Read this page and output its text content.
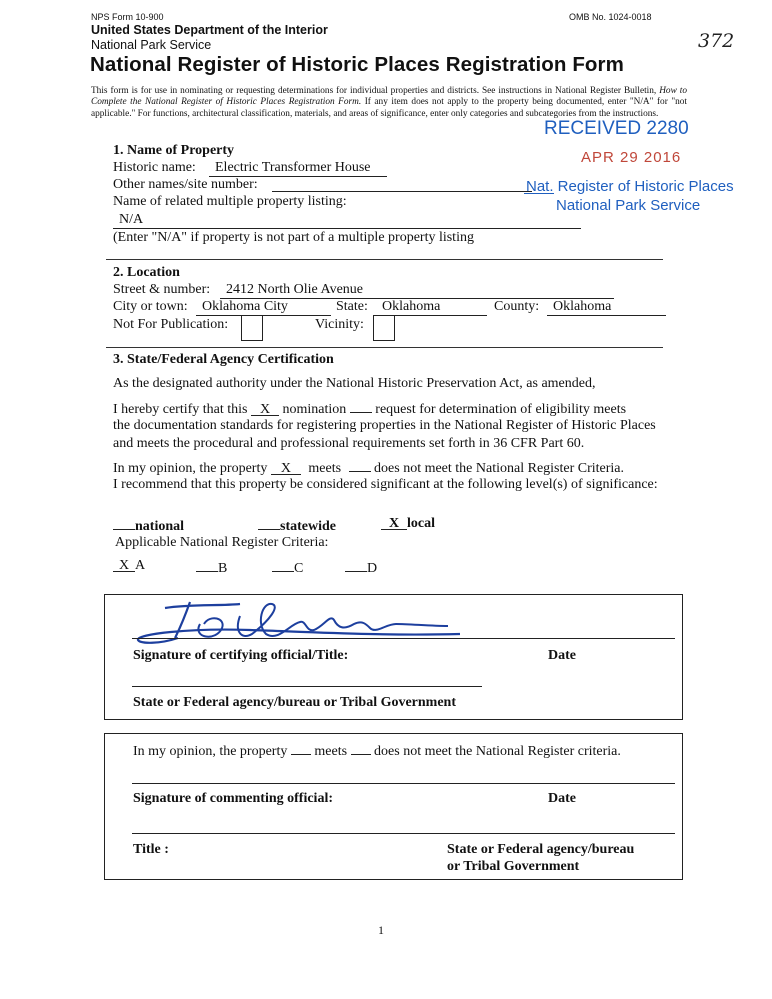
NPS Form 10-900	OMB No. 1024-0018
United States Department of the Interior
National Park Service
National Register of Historic Places Registration Form
372
This form is for use in nominating or requesting determinations for individual properties and districts. See instructions in National Register Bulletin, How to Complete the National Register of Historic Places Registration Form. If any item does not apply to the property being documented, enter "N/A" for "not applicable." For functions, architectural classification, materials, and areas of significance, enter only categories and subcategories from the instructions.
RECEIVED 2280
APR 29 2016
Nat. Register of Historic Places
National Park Service
1. Name of Property
Historic name:	Electric Transformer House
Other names/site number:
Name of related multiple property listing:
N/A
(Enter "N/A" if property is not part of a multiple property listing
2. Location
Street & number:	2412 North Olie Avenue
City or town:	Oklahoma City	State:	Oklahoma	County: Oklahoma
Not For Publication:	Vicinity:
3. State/Federal Agency Certification
As the designated authority under the National Historic Preservation Act, as amended,
I hereby certify that this X nomination request for determination of eligibility meets
the documentation standards for registering properties in the National Register of Historic Places and meets the procedural and professional requirements set forth in 36 CFR Part 60.
In my opinion, the property X meets does not meet the National Register Criteria.
I recommend that this property be considered significant at the following level(s) of significance:
national	statewide	X local
Applicable National Register Criteria:
X A	B	C	D
Signature of certifying official/Title:	Date
State or Federal agency/bureau or Tribal Government
In my opinion, the property meets does not meet the National Register criteria.
Signature of commenting official:	Date
Title :	State or Federal agency/bureau
or Tribal Government
1
